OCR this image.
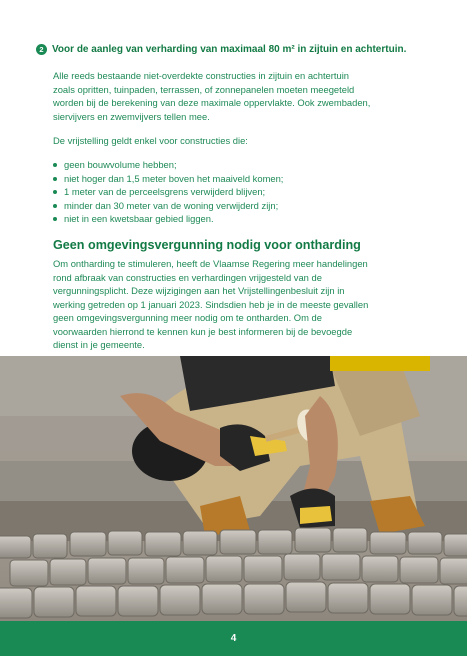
2 Voor de aanleg van verharding van maximaal 80 m² in zijtuin en achtertuin.
Alle reeds bestaande niet-overdekte constructies in zijtuin en achtertuin
zoals opritten, tuinpaden, terrassen, of zonnepanelen moeten meegeteld
worden bij de berekening van deze maximale oppervlakte. Ook zwembaden,
siervijvers en zwemvijvers tellen mee.
De vrijstelling geldt enkel voor constructies die:
geen bouwvolume hebben;
niet hoger dan 1,5 meter boven het maaiveld komen;
1 meter van de perceelsgrens verwijderd blijven;
minder dan 30 meter van de woning verwijderd zijn;
niet in een kwetsbaar gebied liggen.
Geen omgevingsvergunning nodig voor ontharding
Om ontharding te stimuleren, heeft de Vlaamse Regering meer handelingen
rond afbraak van constructies en verhardingen vrijgesteld van de
vergunningsplicht. Deze wijzigingen aan het Vrijstellingenbesluit zijn in
werking getreden op 1 januari 2023. Sindsdien heb je in de meeste gevallen
geen omgevingsvergunning meer nodig om te ontharden. Om de
voorwaarden hierrond te kennen kun je best informeren bij de bevoegde
dienst in je gemeente.
4
